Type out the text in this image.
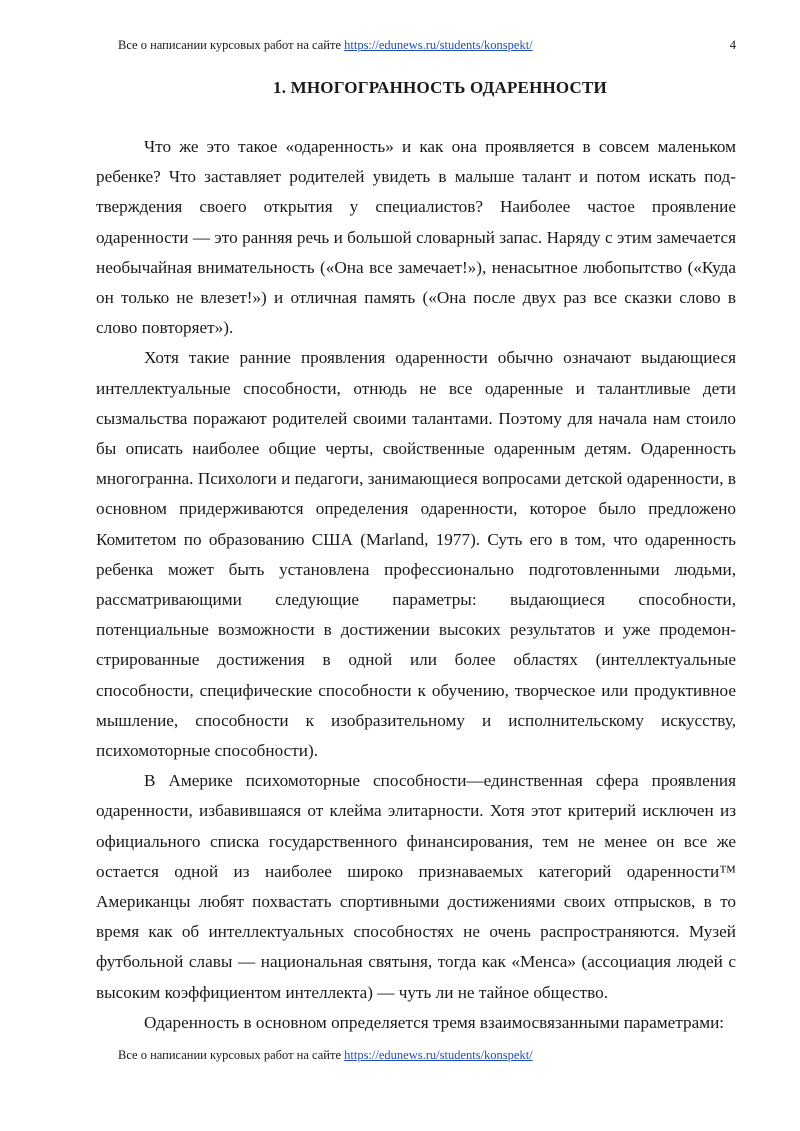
Все о написании курсовых работ на сайте https://edunews.ru/students/konspekt/	4
1. МНОГОГРАННОСТЬ ОДАРЕННОСТИ

Что же это такое «одаренность» и как она проявляется в совсем маленьком ребенке? Что заставляет родителей увидеть в малыше талант и потом искать подтверждения своего открытия у специалистов? Наиболее частое проявление одаренности — это ранняя речь и большой словарный запас. Наряду с этим замечается необычайная внимательность («Она все замечает!»), ненасытное любопытство («Куда он только не влезет!») и отличная память («Она после двух раз все сказки слово в слово повторяет»).

Хотя такие ранние проявления одаренности обычно означают выдающиеся интеллектуальные способности, отнюдь не все одаренные и талантливые дети сызмальства поражают родителей своими талантами. Поэтому для начала нам стоило бы описать наиболее общие черты, свойственные одаренным детям. Одаренность многогранна. Психологи и педагоги, занимающиеся вопросами детской одаренности, в основном придерживаются определения одаренности, которое было предложено Комитетом по образованию США (Marland, 1977). Суть его в том, что одаренность ребенка может быть установлена профессионально подготовленными людьми, рассматривающими следующие параметры: выдающиеся способности, потенциальные возможности в достижении высоких результатов и уже продемонстрированные достижения в одной или более областях (интеллектуальные способности, специфические способности к обучению, творческое или продуктивное мышление, способности к изобразительному и исполнительскому искусству, психомоторные способности).

В Америке психомоторные способности—единственная сфера проявления одаренности, избавившаяся от клейма элитарности. Хотя этот критерий исключен из официального списка государственного финансирования, тем не менее он все же остается одной из наиболее широко признаваемых категорий одаренности™ Американцы любят похвастать спортивными достижениями своих отпрысков, в то время как об интеллектуальных способностях не очень распространяются. Музей футбольной славы — национальная святыня, тогда как «Менса» (ассоциация людей с высоким коэффициентом интеллекта) — чуть ли не тайное общество.

Одаренность в основном определяется тремя взаимосвязанными параметрами:

Все о написании курсовых работ на сайте https://edunews.ru/students/konspekt/
